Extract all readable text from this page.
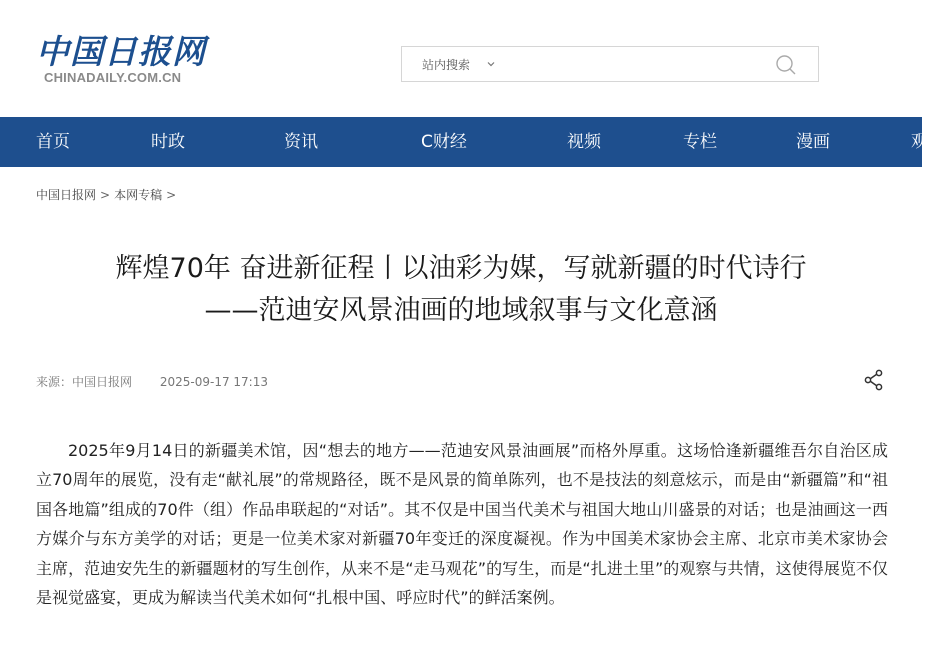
中国日报网
CHINADAILY.COM.CN
站内搜索
首页	时政	资讯	C财经	视频	专栏	漫画	观
中国日报网 > 本网专稿 >
辉煌70年 奋进新征程丨以油彩为媒，写就新疆的时代诗行
——范迪安风景油画的地域叙事与文化意涵
来源：中国日报网 2025-09-17 17:13

2025年9月14日的新疆美术馆，因“想去的地方——范迪安风景油画展”而格外厚重。这场恰逢新疆维吾尔自治区成立70周年的展览，没有走“献礼展”的常规路径，既不是风景的简单陈列，也不是技法的刻意炫示，而是由“新疆篇”和“祖国各地篇”组成的70件（组）作品串联起的“对话”。其不仅是中国当代美术与祖国大地山川盛景的对话；也是油画这一西方媒介与东方美学的对话；更是一位美术家对新疆70年变迁的深度凝视。作为中国美术家协会主席、北京市美术家协会主席，范迪安先生的新疆题材的写生创作，从来不是“走马观花”的写生，而是“扎进土里”的观察与共情，这使得展览不仅是视觉盛宴，更成为解读当代美术如何“扎根中国、呼应时代”的鲜活案例。
